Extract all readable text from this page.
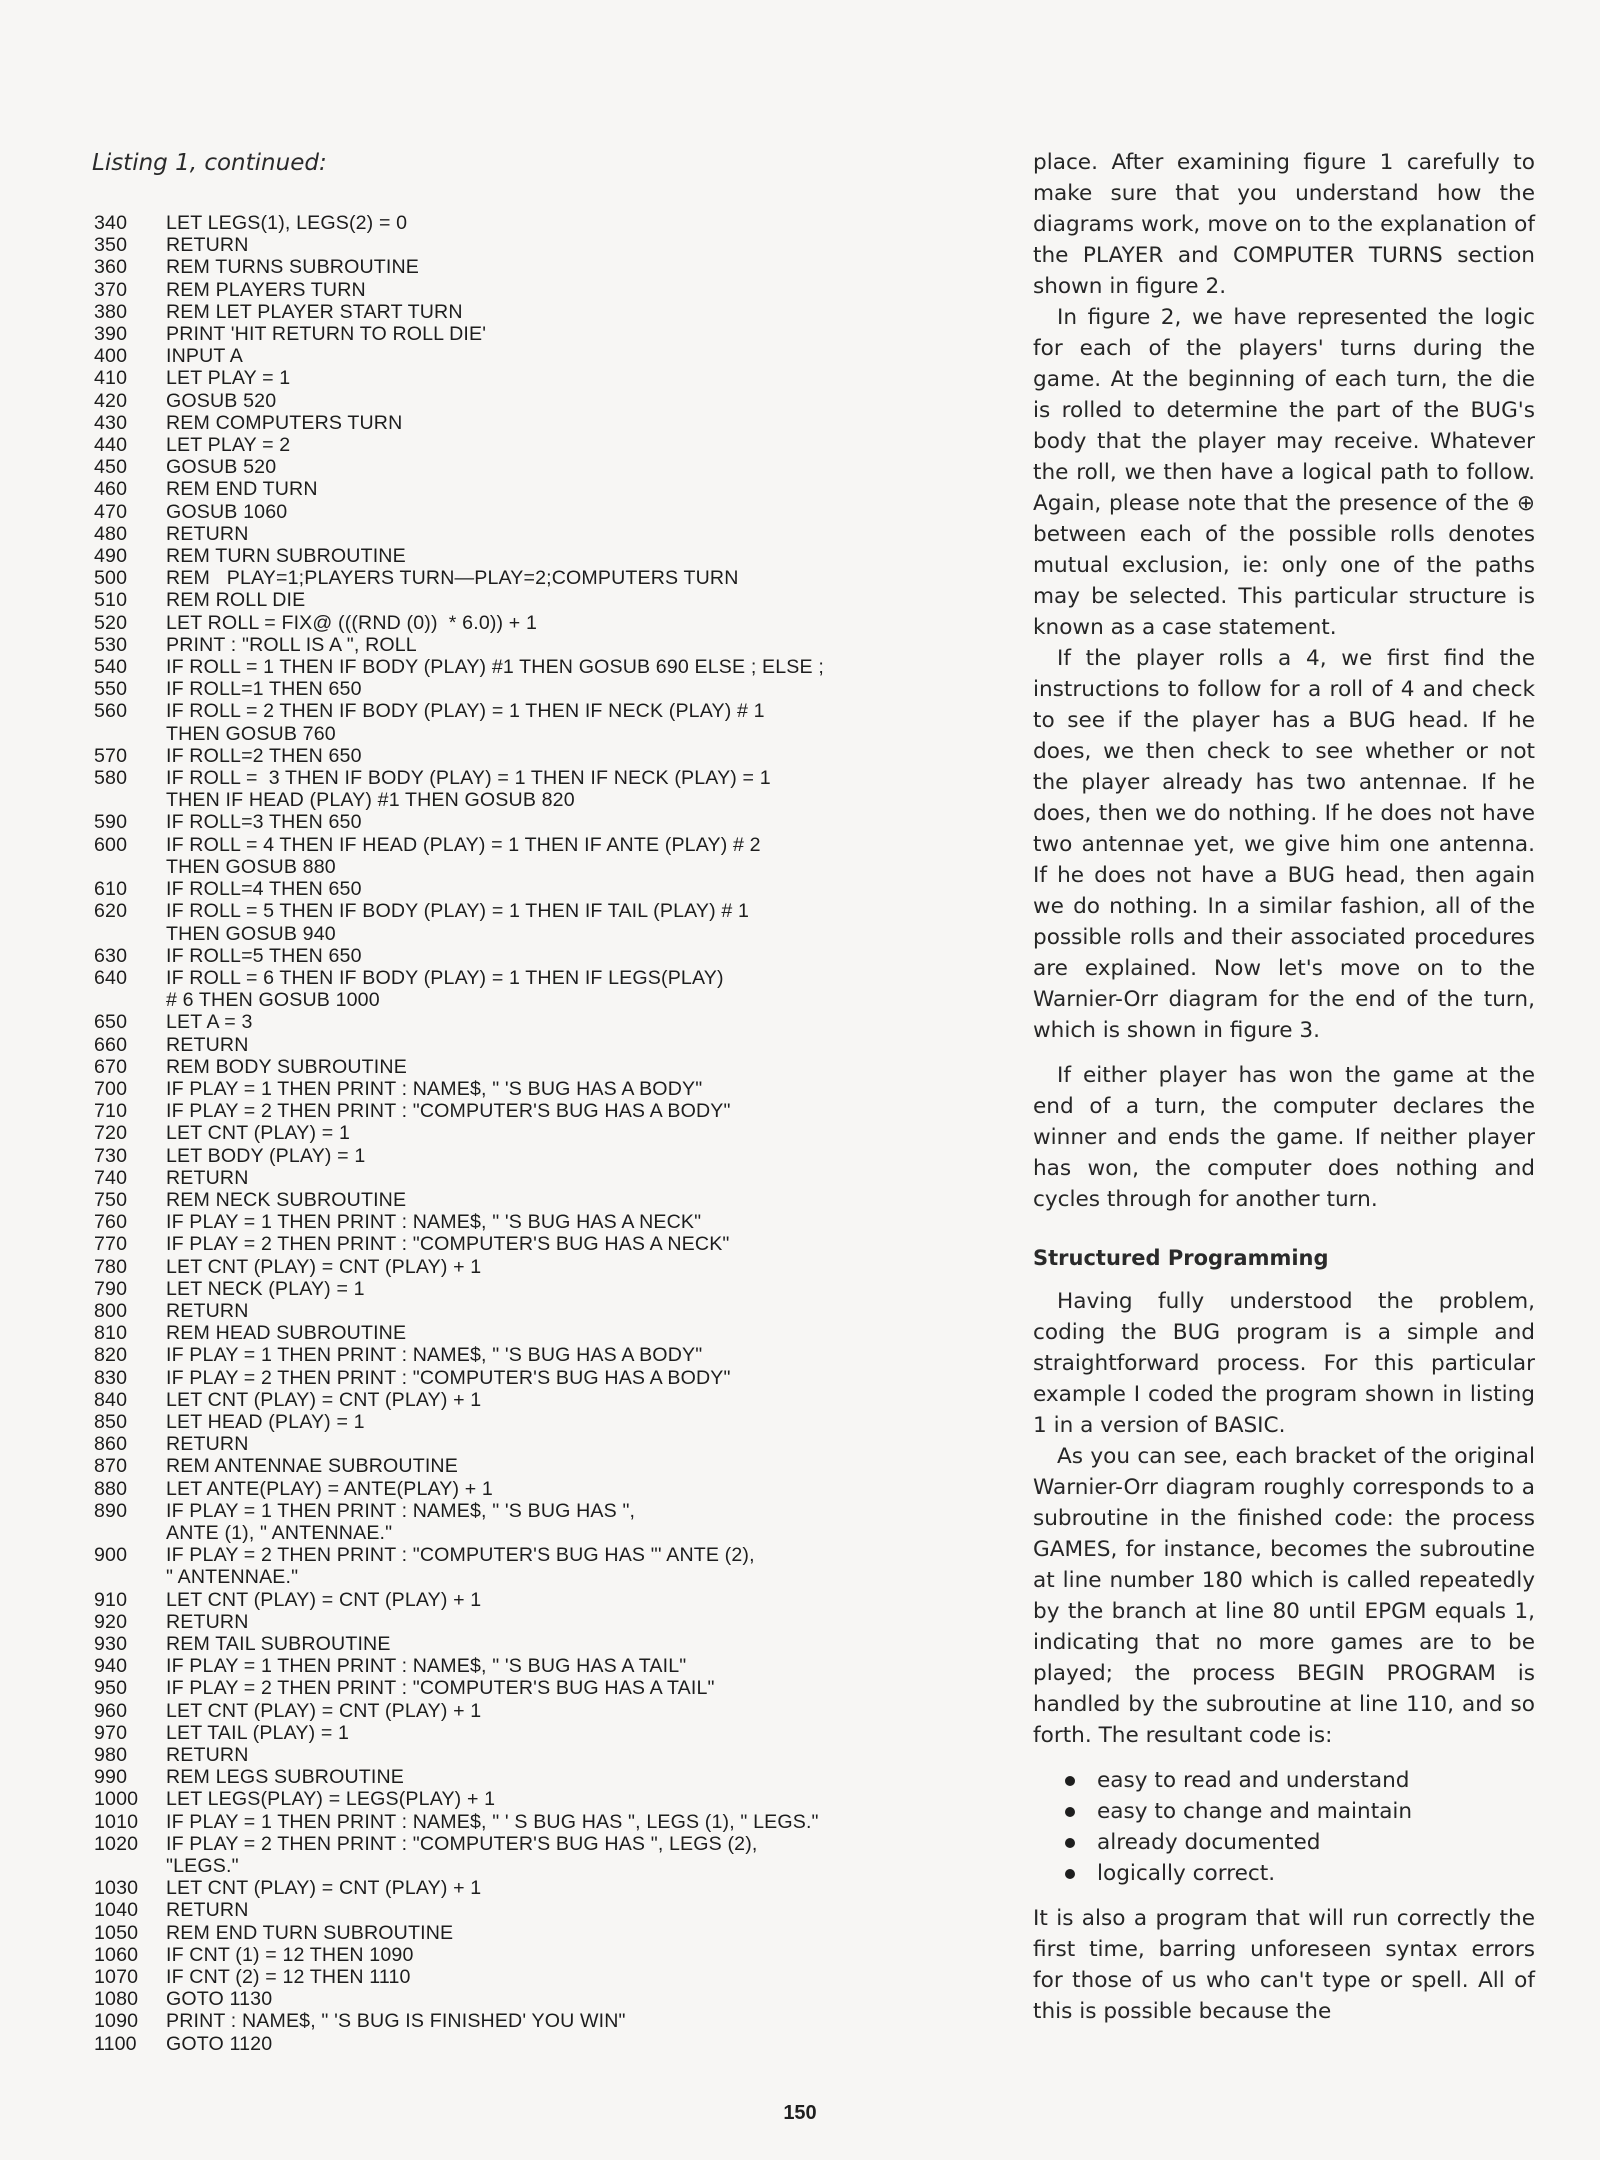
Listing 1, continued:
340	LET LEGS(1), LEGS(2) = 0
350	RETURN
360	REM TURNS SUBROUTINE
370	REM PLAYERS TURN
380	REM LET PLAYER START TURN
390	PRINT 'HIT RETURN TO ROLL DIE'
400	INPUT A
410	LET PLAY = 1
420	GOSUB 520
430	REM COMPUTERS TURN
440	LET PLAY = 2
450	GOSUB 520
460	REM END TURN
470	GOSUB 1060
480	RETURN
490	REM TURN SUBROUTINE
500	REM   PLAY=1;PLAYERS TURN—PLAY=2;COMPUTERS TURN
510	REM ROLL DIE
520	LET ROLL = FIX@ (((RND (0))  * 6.0)) + 1
530	PRINT : "ROLL IS A ", ROLL
540	IF ROLL = 1 THEN IF BODY (PLAY) #1 THEN GOSUB 690 ELSE ; ELSE ;
550	IF ROLL=1 THEN 650
560	IF ROLL = 2 THEN IF BODY (PLAY) = 1 THEN IF NECK (PLAY) # 1
THEN GOSUB 760
570	IF ROLL=2 THEN 650
580	IF ROLL =  3 THEN IF BODY (PLAY) = 1 THEN IF NECK (PLAY) = 1
THEN IF HEAD (PLAY) #1 THEN GOSUB 820
590	IF ROLL=3 THEN 650
600	IF ROLL = 4 THEN IF HEAD (PLAY) = 1 THEN IF ANTE (PLAY) # 2
THEN GOSUB 880
610	IF ROLL=4 THEN 650
620	IF ROLL = 5 THEN IF BODY (PLAY) = 1 THEN IF TAIL (PLAY) # 1
THEN GOSUB 940
630	IF ROLL=5 THEN 650
640	IF ROLL = 6 THEN IF BODY (PLAY) = 1 THEN IF LEGS(PLAY)
# 6 THEN GOSUB 1000
650	LET A = 3
660	RETURN
670	REM BODY SUBROUTINE
700	IF PLAY = 1 THEN PRINT : NAME$, " 'S BUG HAS A BODY"
710	IF PLAY = 2 THEN PRINT : "COMPUTER'S BUG HAS A BODY"
720	LET CNT (PLAY) = 1
730	LET BODY (PLAY) = 1
740	RETURN
750	REM NECK SUBROUTINE
760	IF PLAY = 1 THEN PRINT : NAME$, " 'S BUG HAS A NECK"
770	IF PLAY = 2 THEN PRINT : "COMPUTER'S BUG HAS A NECK"
780	LET CNT (PLAY) = CNT (PLAY) + 1
790	LET NECK (PLAY) = 1
800	RETURN
810	REM HEAD SUBROUTINE
820	IF PLAY = 1 THEN PRINT : NAME$, " 'S BUG HAS A BODY"
830	IF PLAY = 2 THEN PRINT : "COMPUTER'S BUG HAS A BODY"
840	LET CNT (PLAY) = CNT (PLAY) + 1
850	LET HEAD (PLAY) = 1
860	RETURN
870	REM ANTENNAE SUBROUTINE
880	LET ANTE(PLAY) = ANTE(PLAY) + 1
890	IF PLAY = 1 THEN PRINT : NAME$, " 'S BUG HAS ",
ANTE (1), " ANTENNAE."
900	IF PLAY = 2 THEN PRINT : "COMPUTER'S BUG HAS "' ANTE (2),
" ANTENNAE."
910	LET CNT (PLAY) = CNT (PLAY) + 1
920	RETURN
930	REM TAIL SUBROUTINE
940	IF PLAY = 1 THEN PRINT : NAME$, " 'S BUG HAS A TAIL"
950	IF PLAY = 2 THEN PRINT : "COMPUTER'S BUG HAS A TAIL"
960	LET CNT (PLAY) = CNT (PLAY) + 1
970	LET TAIL (PLAY) = 1
980	RETURN
990	REM LEGS SUBROUTINE
1000	LET LEGS(PLAY) = LEGS(PLAY) + 1
1010	IF PLAY = 1 THEN PRINT : NAME$, " ' S BUG HAS ", LEGS (1), " LEGS."
1020	IF PLAY = 2 THEN PRINT : "COMPUTER'S BUG HAS ", LEGS (2),
"LEGS."
1030	LET CNT (PLAY) = CNT (PLAY) + 1
1040	RETURN
1050	REM END TURN SUBROUTINE
1060	IF CNT (1) = 12 THEN 1090
1070	IF CNT (2) = 12 THEN 1110
1080	GOTO 1130
1090	PRINT : NAME$, " 'S BUG IS FINISHED' YOU WIN"
1100	GOTO 1120

place. After examining figure 1 carefully to make sure that you understand how the diagrams work, move on to the explanation of the PLAYER and COMPUTER TURNS section shown in figure 2.

In figure 2, we have represented the logic for each of the players' turns during the game. At the beginning of each turn, the die is rolled to determine the part of the BUG's body that the player may receive. Whatever the roll, we then have a logical path to follow. Again, please note that the presence of the ⊕ between each of the possible rolls denotes mutual exclusion, ie: only one of the paths may be selected. This particular structure is known as a case statement.

If the player rolls a 4, we first find the instructions to follow for a roll of 4 and check to see if the player has a BUG head. If he does, we then check to see whether or not the player already has two antennae. If he does, then we do nothing. If he does not have two antennae yet, we give him one antenna. If he does not have a BUG head, then again we do nothing. In a similar fashion, all of the possible rolls and their associated procedures are explained. Now let's move on to the Warnier-Orr diagram for the end of the turn, which is shown in figure 3.

If either player has won the game at the end of a turn, the computer declares the winner and ends the game. If neither player has won, the computer does nothing and cycles through for another turn.

Structured Programming

Having fully understood the problem, coding the BUG program is a simple and straightforward process. For this particular example I coded the program shown in listing 1 in a version of BASIC.

As you can see, each bracket of the original Warnier-Orr diagram roughly corresponds to a subroutine in the finished code: the process GAMES, for instance, becomes the subroutine at line number 180 which is called repeatedly by the branch at line 80 until EPGM equals 1, indicating that no more games are to be played; the process BEGIN PROGRAM is handled by the subroutine at line 110, and so forth. The resultant code is:

easy to read and understand
easy to change and maintain
already documented
logically correct.

It is also a program that will run correctly the first time, barring unforeseen syntax errors for those of us who can't type or spell. All of this is possible because the

150
